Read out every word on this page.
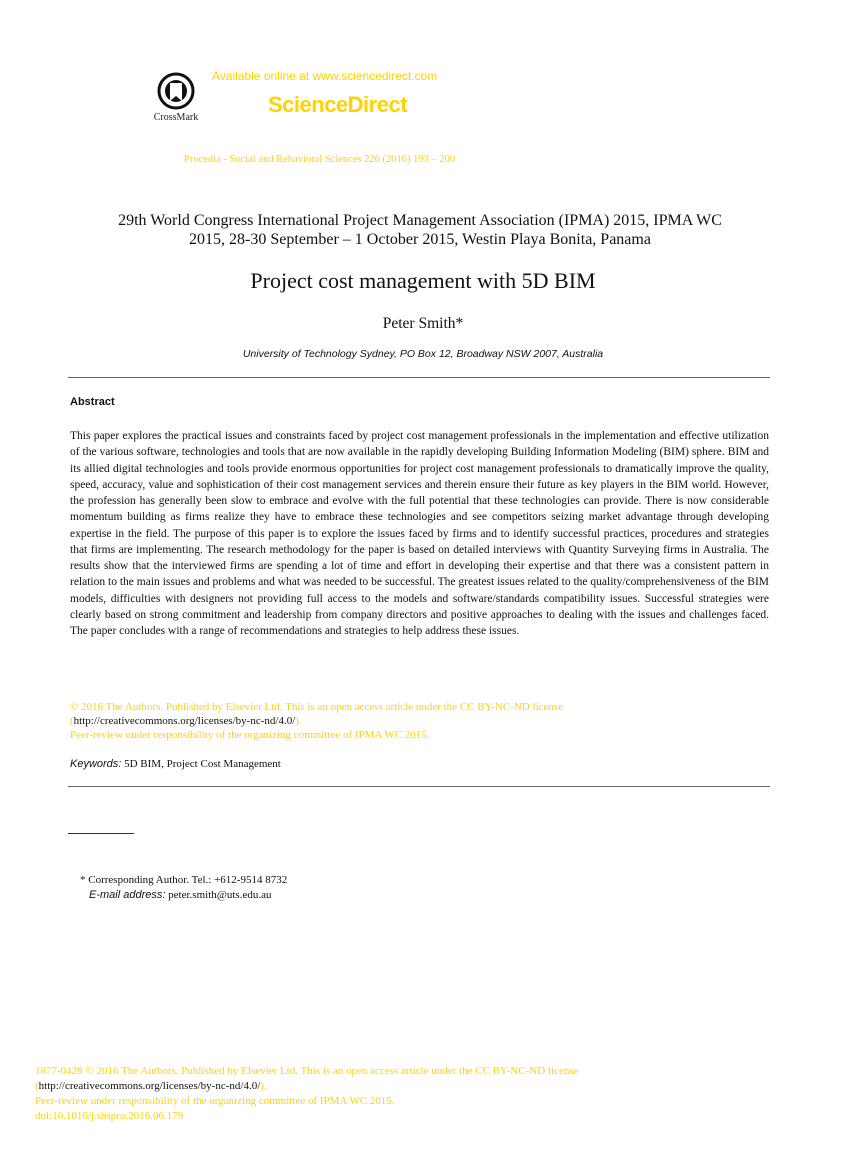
CrossMark
Available online at www.sciencedirect.com
ScienceDirect
Procedia - Social and Behavioral Sciences 226 (2016) 193 – 200
29th World Congress International Project Management Association (IPMA) 2015, IPMA WC
2015, 28-30 September – 1 October 2015, Westin Playa Bonita, Panama
Project cost management with 5D BIM
Peter Smith*
University of Technology Sydney, PO Box 12, Broadway NSW 2007, Australia
Abstract
This paper explores the practical issues and constraints faced by project cost management professionals in the implementation and effective utilization of the various software, technologies and tools that are now available in the rapidly developing Building Information Modeling (BIM) sphere. BIM and its allied digital technologies and tools provide enormous opportunities for project cost management professionals to dramatically improve the quality, speed, accuracy, value and sophistication of their cost management services and therein ensure their future as key players in the BIM world. However, the profession has generally been slow to embrace and evolve with the full potential that these technologies can provide. There is now considerable momentum building as firms realize they have to embrace these technologies and see competitors seizing market advantage through developing expertise in the field. The purpose of this paper is to explore the issues faced by firms and to identify successful practices, procedures and strategies that firms are implementing. The research methodology for the paper is based on detailed interviews with Quantity Surveying firms in Australia. The results show that the interviewed firms are spending a lot of time and effort in developing their expertise and that there was a consistent pattern in relation to the main issues and problems and what was needed to be successful. The greatest issues related to the quality/comprehensiveness of the BIM models, difficulties with designers not providing full access to the models and software/standards compatibility issues. Successful strategies were clearly based on strong commitment and leadership from company directors and positive approaches to dealing with the issues and challenges faced. The paper concludes with a range of recommendations and strategies to help address these issues.
© 2016 The Authors. Published by Elsevier Ltd. This is an open access article under the CC BY-NC-ND license
(http://creativecommons.org/licenses/by-nc-nd/4.0/).
Peer-review under responsibility of the organizing committee of IPMA WC 2015.
Keywords: 5D BIM, Project Cost Management
* Corresponding Author. Tel.: +612-9514 8732
E-mail address: peter.smith@uts.edu.au
1877-0428 © 2016 The Authors. Published by Elsevier Ltd. This is an open access article under the CC BY-NC-ND license
(http://creativecommons.org/licenses/by-nc-nd/4.0/).
Peer-review under responsibility of the organizing committee of IPMA WC 2015.
doi:10.1016/j.sbspro.2016.06.179
